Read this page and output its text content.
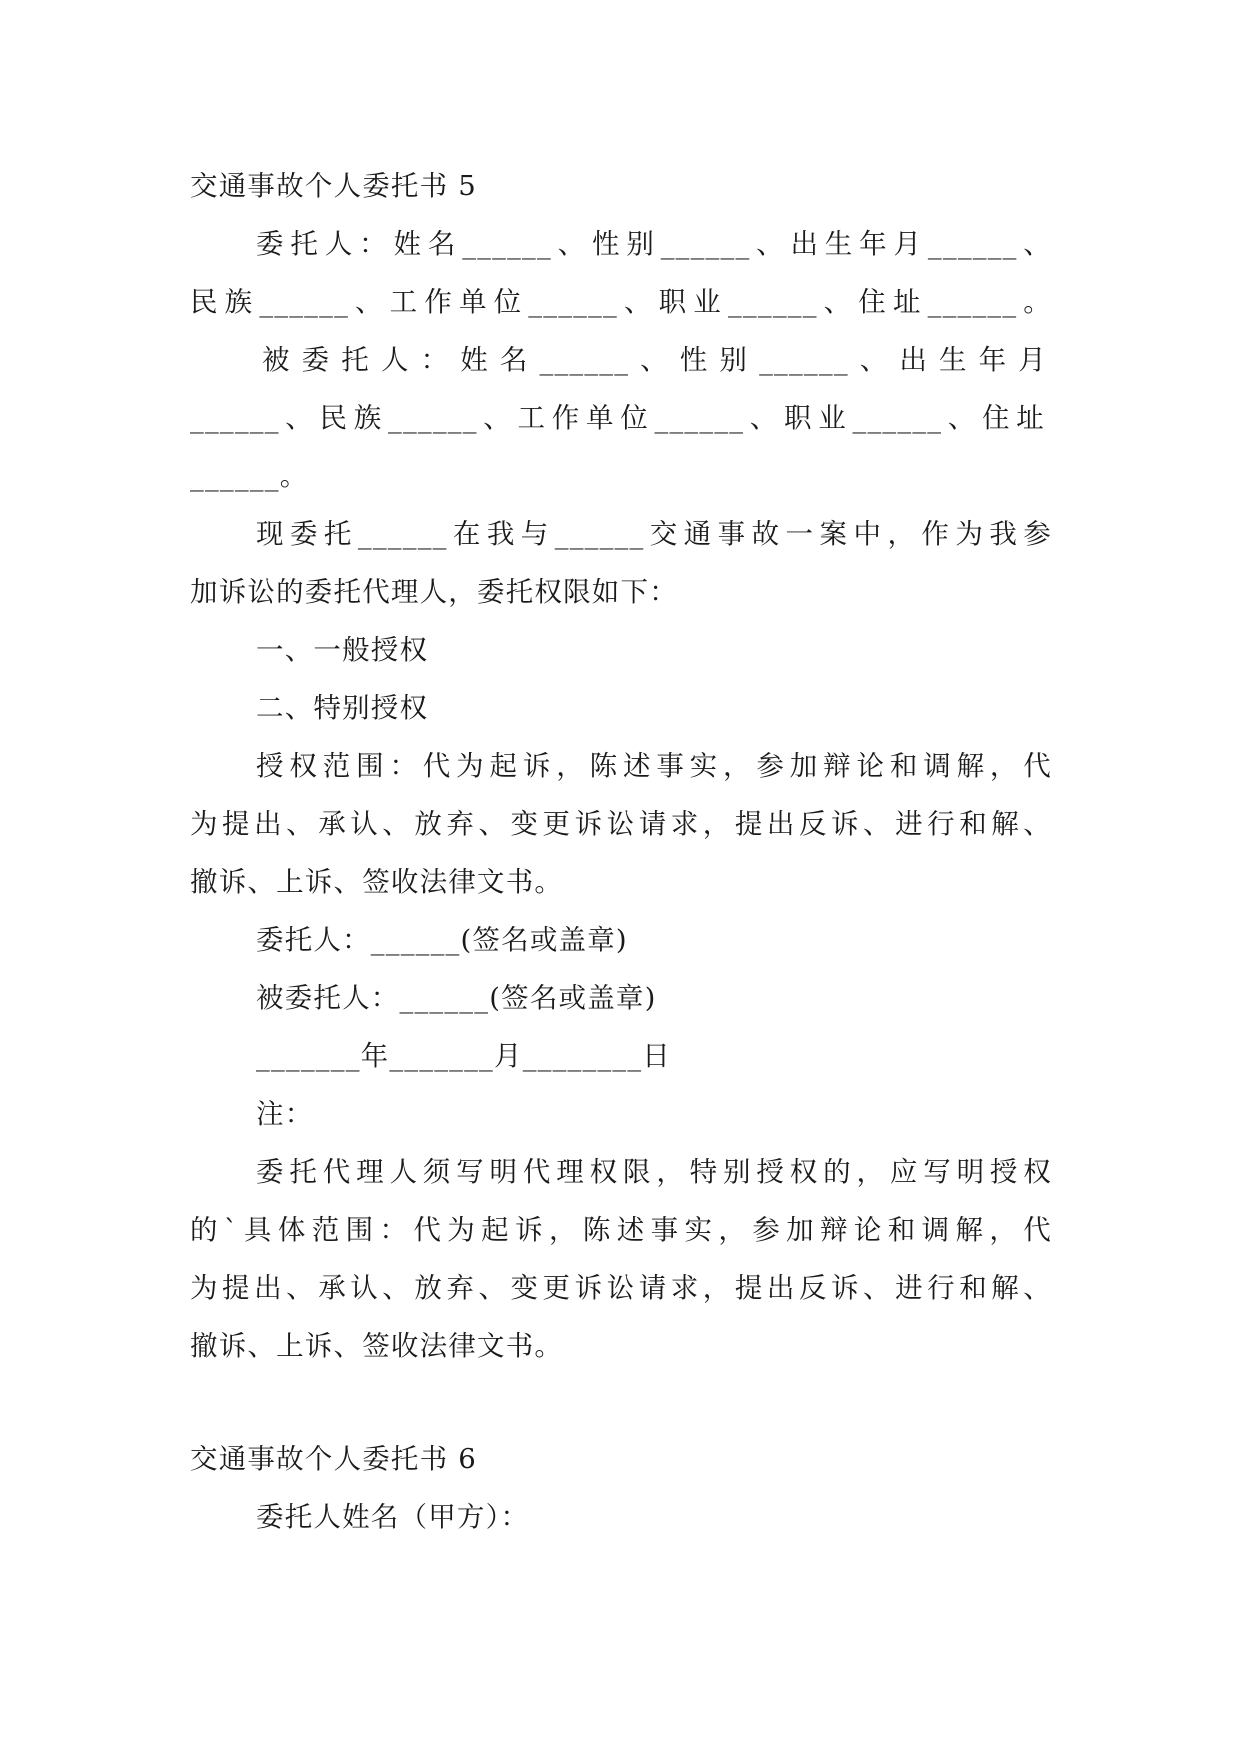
交通事故个人委托书 5
委托人：姓名______、性别______、出生年月______、
民族______、工作单位______、职业______、住址______。
被委托人：姓名______、性别______、出生年月
______、民族______、工作单位______、职业______、住址
______。
现委托______在我与______交通事故一案中，作为我参
加诉讼的委托代理人，委托权限如下：
一、一般授权
二、特别授权
授权范围：代为起诉，陈述事实，参加辩论和调解，代
为提出、承认、放弃、变更诉讼请求，提出反诉、进行和解、
撤诉、上诉、签收法律文书。
委托人：______(签名或盖章)
被委托人：______(签名或盖章)
_______年_______月________日
注：
委托代理人须写明代理权限，特别授权的，应写明授权
的`具体范围：代为起诉，陈述事实，参加辩论和调解，代
为提出、承认、放弃、变更诉讼请求，提出反诉、进行和解、
撤诉、上诉、签收法律文书。
交通事故个人委托书 6
委托人姓名（甲方）：
